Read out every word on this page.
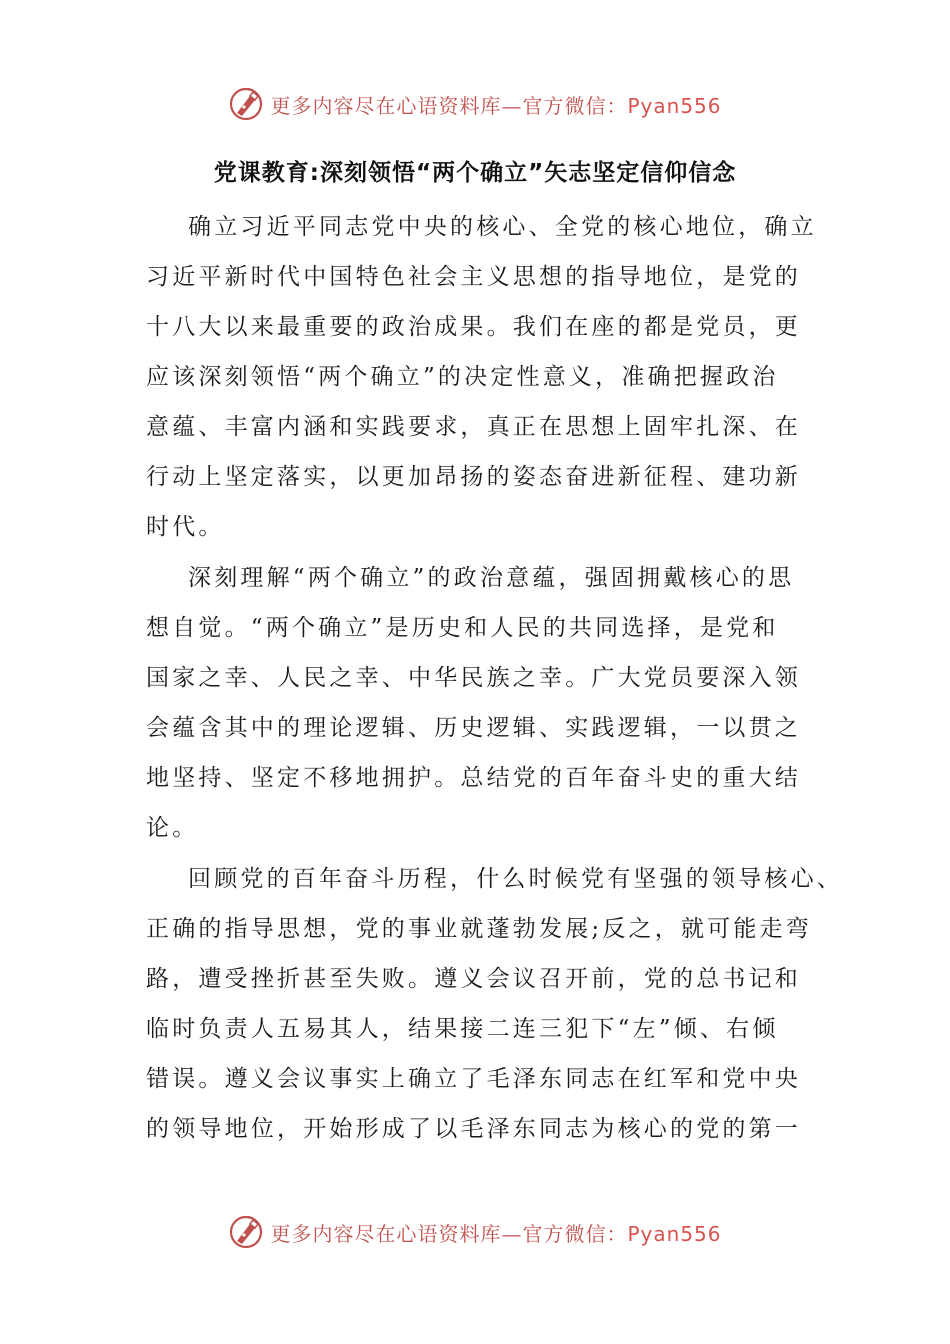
更多内容尽在心语资料库—官方微信：Pyan556
党课教育:深刻领悟“两个确立”矢志坚定信仰信念
确立习近平同志党中央的核心、全党的核心地位，确立
习近平新时代中国特色社会主义思想的指导地位，是党的
十八大以来最重要的政治成果。我们在座的都是党员，更
应该深刻领悟“两个确立”的决定性意义，准确把握政治
意蕴、丰富内涵和实践要求，真正在思想上固牢扎深、在
行动上坚定落实，以更加昂扬的姿态奋进新征程、建功新
时代。
深刻理解“两个确立”的政治意蕴，强固拥戴核心的思
想自觉。“两个确立”是历史和人民的共同选择，是党和
国家之幸、人民之幸、中华民族之幸。广大党员要深入领
会蕴含其中的理论逻辑、历史逻辑、实践逻辑，一以贯之
地坚持、坚定不移地拥护。总结党的百年奋斗史的重大结
论。
回顾党的百年奋斗历程，什么时候党有坚强的领导核心、
正确的指导思想，党的事业就蓬勃发展;反之，就可能走弯
路，遭受挫折甚至失败。遵义会议召开前，党的总书记和
临时负责人五易其人，结果接二连三犯下“左”倾、右倾
错误。遵义会议事实上确立了毛泽东同志在红军和党中央
的领导地位，开始形成了以毛泽东同志为核心的党的第一
更多内容尽在心语资料库—官方微信：Pyan556
